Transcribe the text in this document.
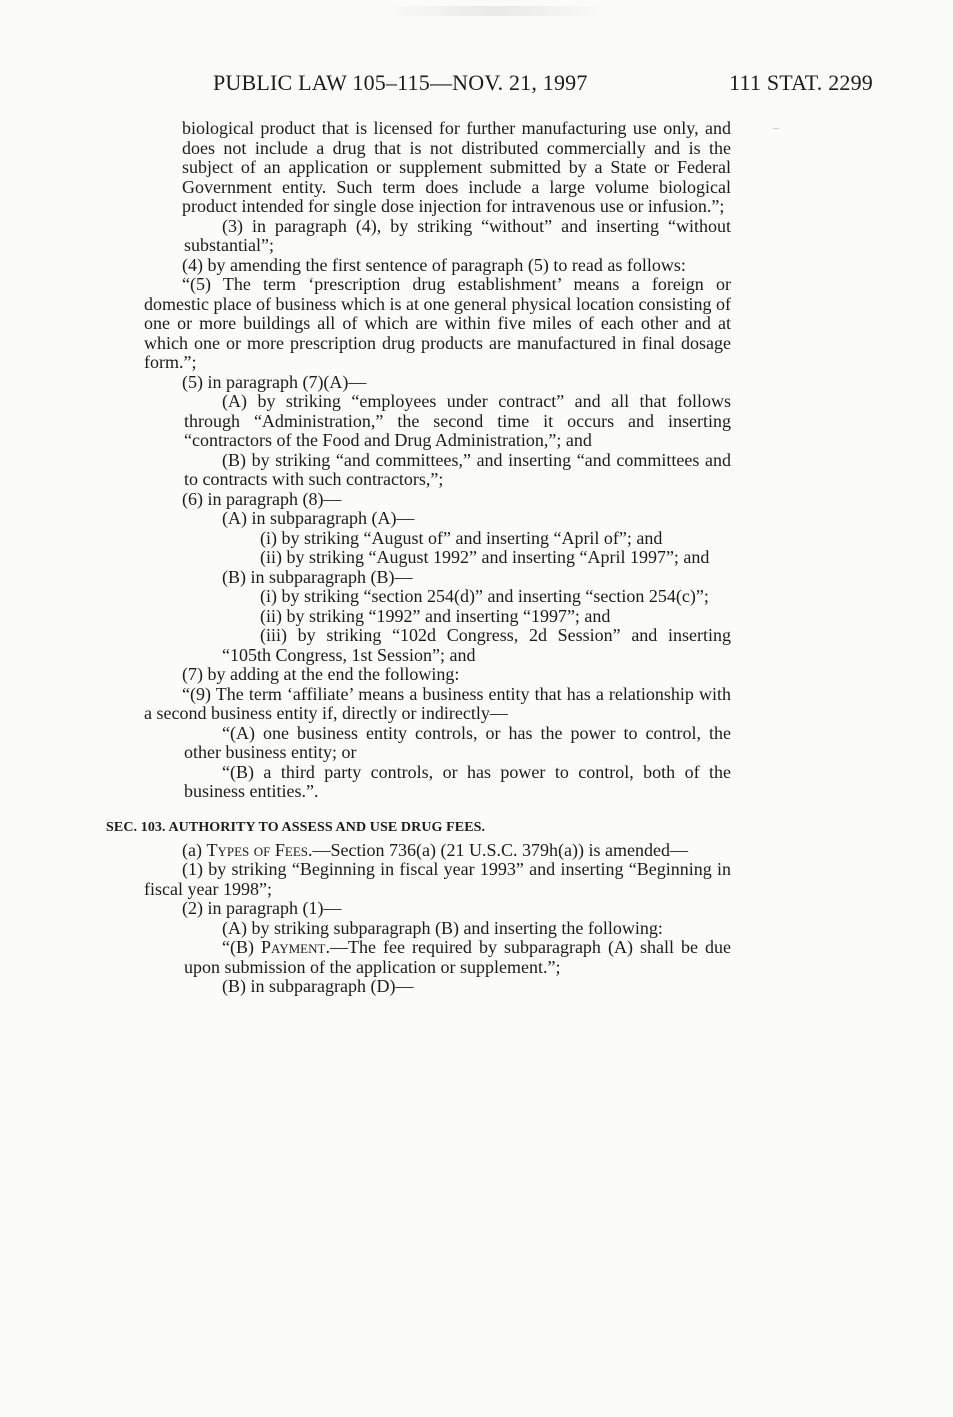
PUBLIC LAW 105–115—NOV. 21, 1997	111 STAT. 2299

biological product that is licensed for further manufacturing use only, and does not include a drug that is not distributed commercially and is the subject of an application or supplement submitted by a State or Federal Government entity. Such term does include a large volume biological product intended for single dose injection for intravenous use or infusion.”;

(3) in paragraph (4), by striking “without” and inserting “without substantial”;

(4) by amending the first sentence of paragraph (5) to read as follows:

“(5) The term ‘prescription drug establishment’ means a foreign or domestic place of business which is at one general physical location consisting of one or more buildings all of which are within five miles of each other and at which one or more prescription drug products are manufactured in final dosage form.”;

(5) in paragraph (7)(A)—

(A) by striking “employees under contract” and all that follows through “Administration,” the second time it occurs and inserting “contractors of the Food and Drug Administration,”; and

(B) by striking “and committees,” and inserting “and committees and to contracts with such contractors,”;

(6) in paragraph (8)—

(A) in subparagraph (A)—

(i) by striking “August of” and inserting “April of”; and

(ii) by striking “August 1992” and inserting “April 1997”; and

(B) in subparagraph (B)—

(i) by striking “section 254(d)” and inserting “section 254(c)”;

(ii) by striking “1992” and inserting “1997”; and

(iii) by striking “102d Congress, 2d Session” and inserting “105th Congress, 1st Session”; and

(7) by adding at the end the following:

“(9) The term ‘affiliate’ means a business entity that has a relationship with a second business entity if, directly or indirectly—

“(A) one business entity controls, or has the power to control, the other business entity; or

“(B) a third party controls, or has power to control, both of the business entities.”.

SEC. 103. AUTHORITY TO ASSESS AND USE DRUG FEES.

(a) Types of Fees.—Section 736(a) (21 U.S.C. 379h(a)) is amended—

(1) by striking “Beginning in fiscal year 1993” and inserting “Beginning in fiscal year 1998”;

(2) in paragraph (1)—

(A) by striking subparagraph (B) and inserting the following:

“(B) Payment.—The fee required by subparagraph (A) shall be due upon submission of the application or supplement.”;

(B) in subparagraph (D)—
